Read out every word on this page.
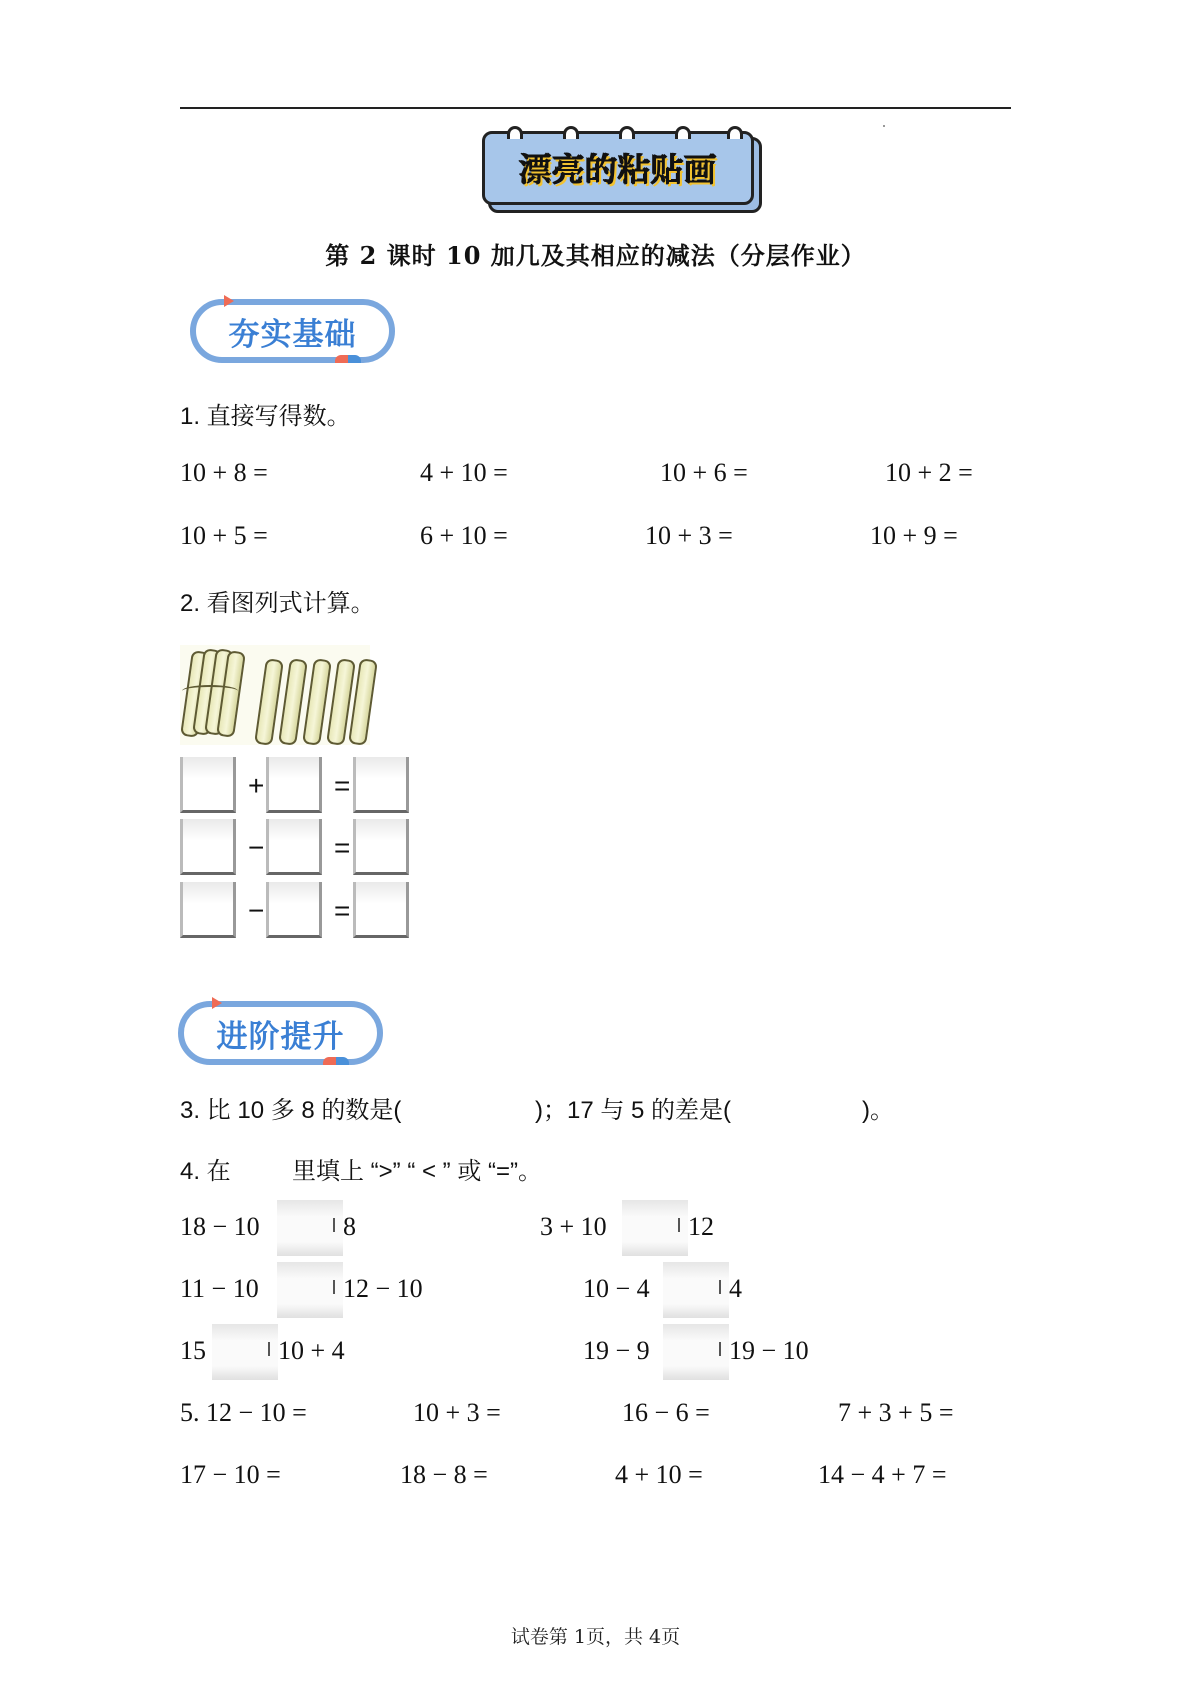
漂亮的粘贴画
第 2 课时 10 加几及其相应的减法（分层作业）
夯实基础
1. 直接写得数。
10 + 8 =	4 + 10 =	10 + 6 =	10 + 2 =
10 + 5 =	6 + 10 =	10 + 3 =	10 + 9 =
2. 看图列式计算。
+ =
− =
− =
进阶提升
3. 比 10 多 8 的数是(	)；17 与 5 的差是(	)。
4. 在	里填上 “>” “ < ” 或 “=”。
18 − 10	8	3 + 10	12
11 − 10	12 − 10	10 − 4	4
15	10 + 4	19 − 9	19 − 10
5. 12 − 10 =	10 + 3 =	16 − 6 =	7 + 3 + 5 =
17 − 10 =	18 − 8 =	4 + 10 =	14 − 4 + 7 =
试卷第 1页，共 4页
